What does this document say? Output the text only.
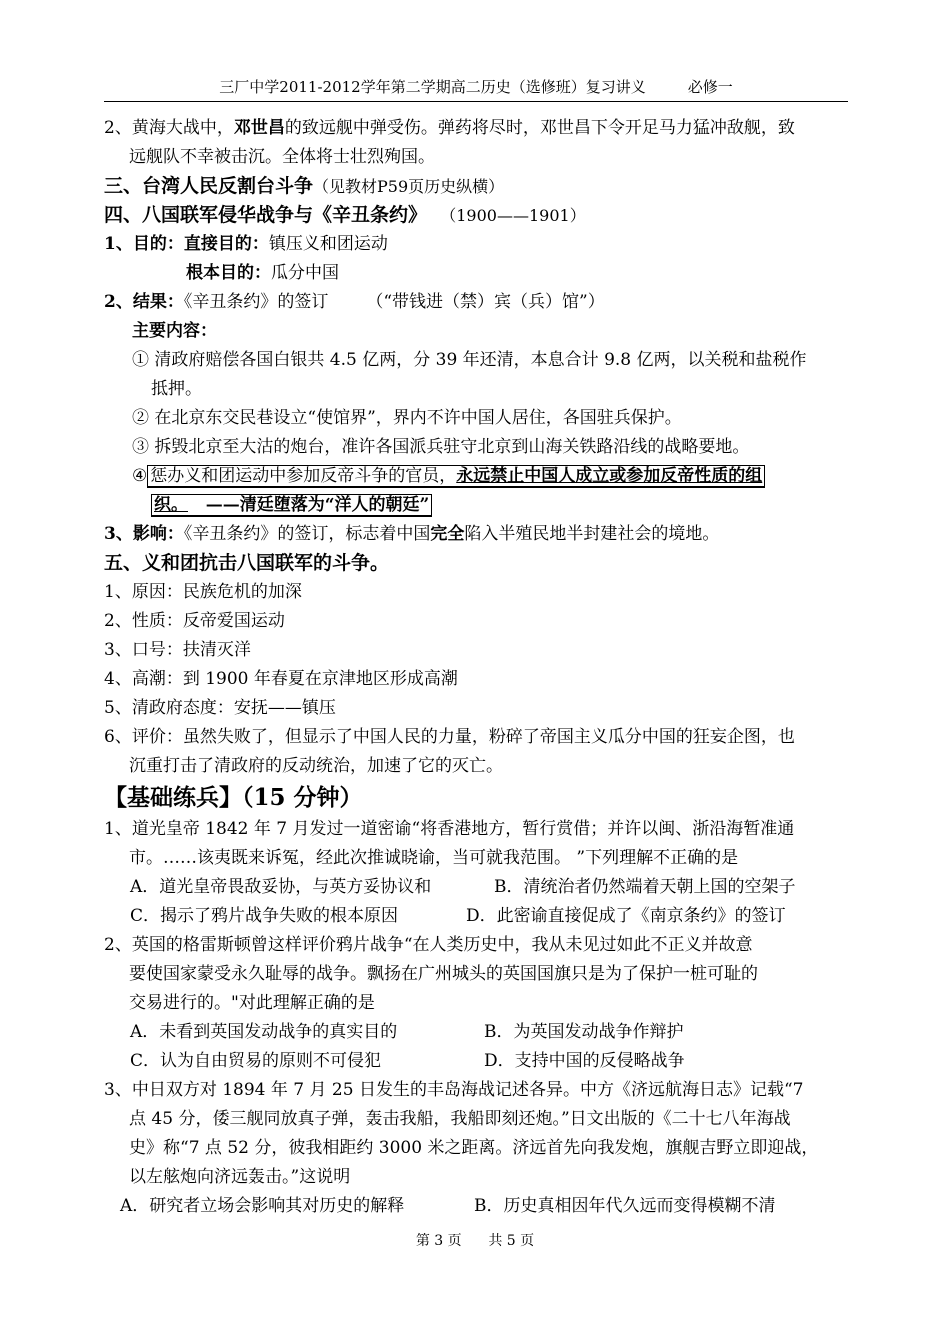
三厂中学2011-2012学年第二学期高二历史（选修班）复习讲义	必修一
2、黄海大战中，邓世昌的致远舰中弹受伤。弹药将尽时，邓世昌下令开足马力猛冲敌舰，致
远舰队不幸被击沉。全体将士壮烈殉国。
三、台湾人民反割台斗争（见教材P59页历史纵横）
四、八国联军侵华战争与《辛丑条约》 （1900——1901）
1、目的：直接目的：镇压义和团运动
根本目的：瓜分中国
2、结果：《辛丑条约》的签订 （“带钱进（禁）宾（兵）馆”）
主要内容：
① 清政府赔偿各国白银共 4.5 亿两，分 39 年还清，本息合计 9.8 亿两，以关税和盐税作
抵押。
② 在北京东交民巷设立“使馆界”，界内不许中国人居住，各国驻兵保护。
③ 拆毁北京至大沽的炮台，准许各国派兵驻守北京到山海关铁路沿线的战略要地。
④ 惩办义和团运动中参加反帝斗争的官员，永远禁止中国人成立或参加反帝性质的组
织。 ——清廷堕落为“洋人的朝廷”
3、影响：《辛丑条约》的签订，标志着中国完全陷入半殖民地半封建社会的境地。
五、义和团抗击八国联军的斗争。
1、原因：民族危机的加深
2、性质：反帝爱国运动
3、口号：扶清灭洋
4、高潮：到 1900 年春夏在京津地区形成高潮
5、清政府态度：安抚——镇压
6、评价：虽然失败了，但显示了中国人民的力量，粉碎了帝国主义瓜分中国的狂妄企图，也
沉重打击了清政府的反动统治，加速了它的灭亡。
【基础练兵】（15 分钟）
1、道光皇帝 1842 年 7 月发过一道密谕“将香港地方，暂行赏借；并许以闽、浙沿海暂准通
市。……该夷既来诉冤，经此次推诚晓谕，当可就我范围。 ”下列理解不正确的是
A．道光皇帝畏敌妥协，与英方妥协议和	B．清统治者仍然端着天朝上国的空架子
C．揭示了鸦片战争失败的根本原因	D．此密谕直接促成了《南京条约》的签订
2、英国的格雷斯顿曾这样评价鸦片战争“在人类历史中，我从未见过如此不正义并故意
要使国家蒙受永久耻辱的战争。飘扬在广州城头的英国国旗只是为了保护一桩可耻的
交易进行的。"对此理解正确的是
A．未看到英国发动战争的真实目的	B．为英国发动战争作辩护
C．认为自由贸易的原则不可侵犯	D．支持中国的反侵略战争
3、中日双方对 1894 年 7 月 25 日发生的丰岛海战记述各异。中方《济远航海日志》记载“7
点 45 分，倭三舰同放真子弹，轰击我船，我船即刻还炮。”日文出版的《二十七八年海战
史》称“7 点 52 分，彼我相距约 3000 米之距离。济远首先向我发炮，旗舰吉野立即迎战，
以左舷炮向济远轰击。”这说明
A．研究者立场会影响其对历史的解释	B．历史真相因年代久远而变得模糊不清
第 3 页 共 5 页
